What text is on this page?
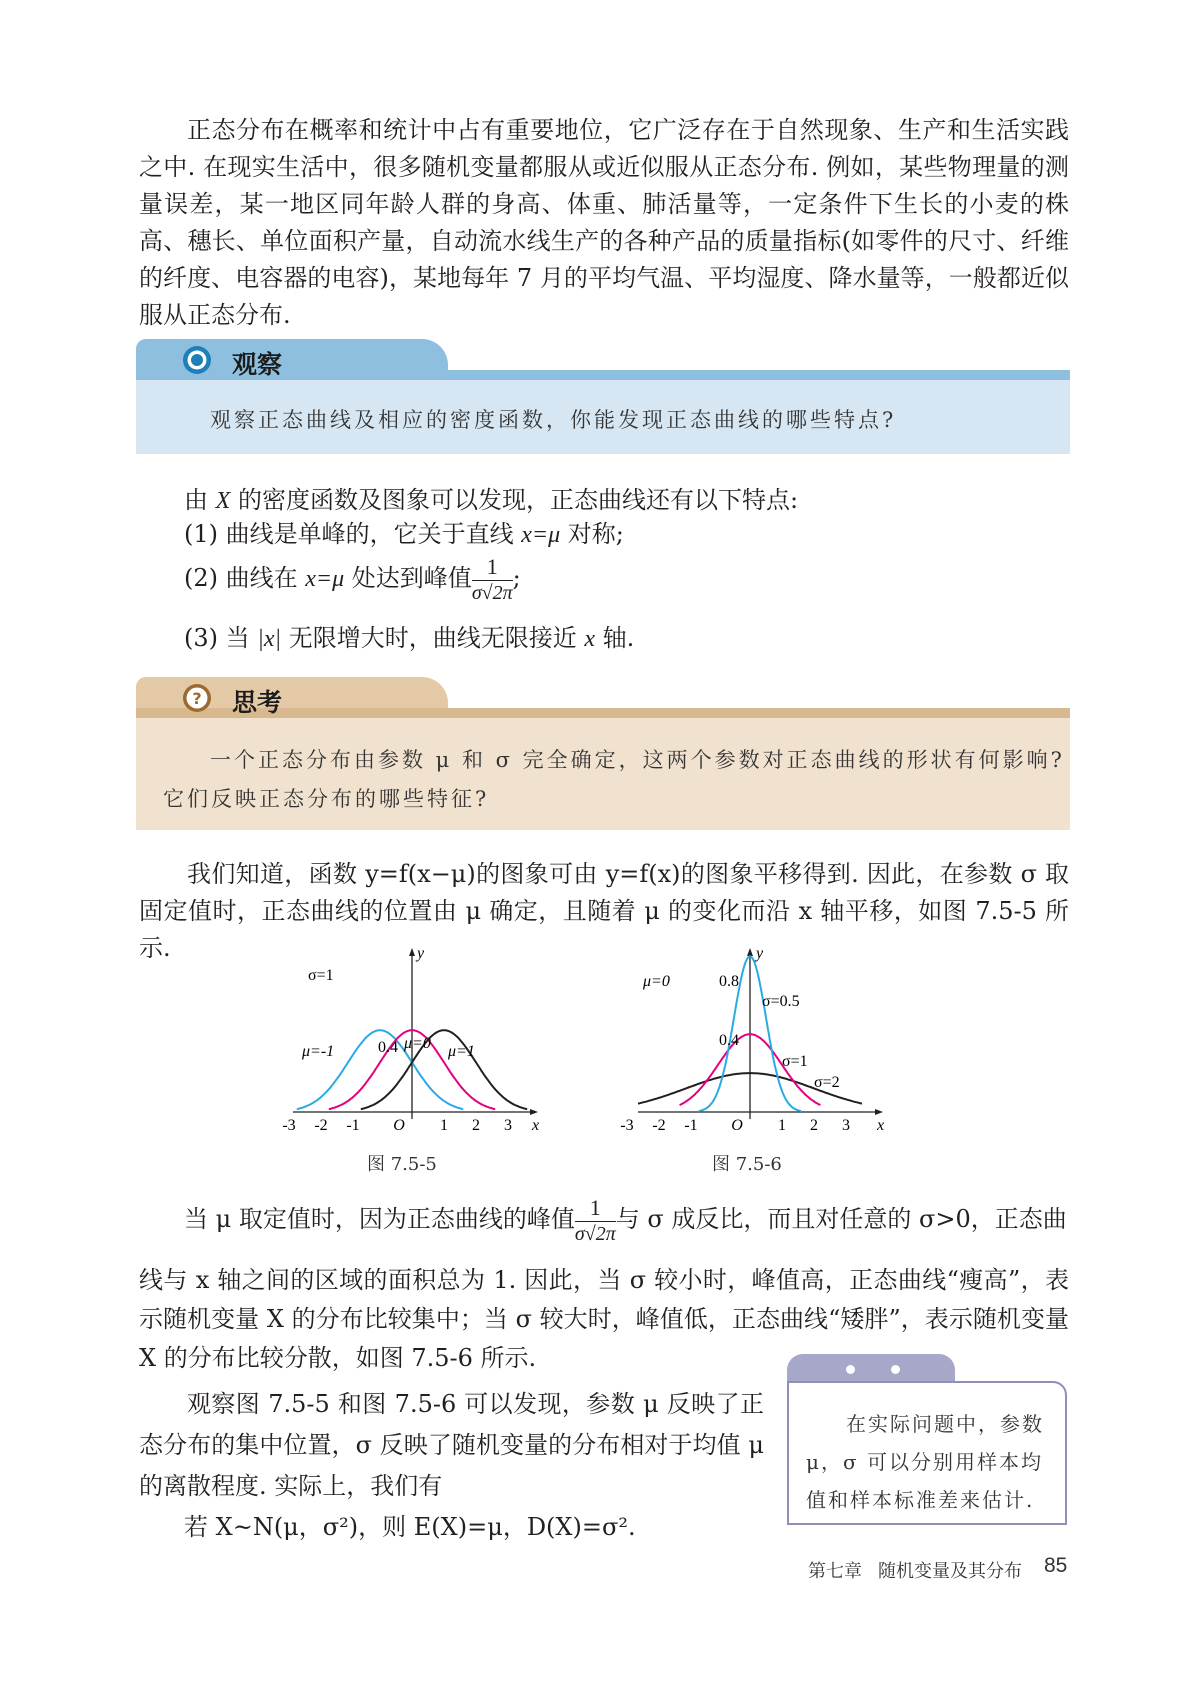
正态分布在概率和统计中占有重要地位，它广泛存在于自然现象、生产和生活实践之中. 在现实生活中，很多随机变量都服从或近似服从正态分布. 例如，某些物理量的测量误差，某一地区同年龄人群的身高、体重、肺活量等，一定条件下生长的小麦的株高、穗长、单位面积产量，自动流水线生产的各种产品的质量指标(如零件的尺寸、纤维的纤度、电容器的电容)，某地每年 7 月的平均气温、平均湿度、降水量等，一般都近似服从正态分布.
观察
观察正态曲线及相应的密度函数，你能发现正态曲线的哪些特点?
由 X 的密度函数及图象可以发现，正态曲线还有以下特点:
(1) 曲线是单峰的，它关于直线 x=μ 对称;
(2) 曲线在 x=μ 处达到峰值 $\frac{1}{\sigma√2\pi}$ ;
(3) 当 |x| 无限增大时，曲线无限接近 x 轴.
? 思考
一个正态分布由参数 μ 和 σ 完全确定，这两个参数对正态曲线的形状有何影响?
它们反映正态分布的哪些特征?
我们知道，函数 y=f(x−μ)的图象可由 y=f(x)的图象平移得到. 因此，在参数 σ 取固定值时，正态曲线的位置由 μ 确定，且随着 μ 的变化而沿 x 轴平移，如图 7.5-5 所示.	y
x
σ=1
μ=-1	μ=0 μ=1
0.4
-3 -2 -1 O 1 2 3
图 7.5-5
y
x
μ=0	0.8
0.4
σ=0.5
σ=1
σ=2
-3 -2 -1 O 1 2 3
图 7.5-6
当 μ 取定值时，因为正态曲线的峰值 $\frac{1}{\sigma√2\pi}$ 与 σ 成反比，而且对任意的 σ>0，正态曲
线与 x 轴之间的区域的面积总为 1. 因此，当 σ 较小时，峰值高，正态曲线“瘦高”，表示随机变量 X 的分布比较集中；当 σ 较大时，峰值低，正态曲线“矮胖”，表示随机变量 X 的分布比较分散，如图 7.5-6 所示.
观察图 7.5-5 和图 7.5-6 可以发现，参数 μ 反映了正态分布的集中位置，σ 反映了随机变量的分布相对于均值 μ 的离散程度. 实际上，我们有
若 X~N(μ，σ²)，则 E(X)=μ，D(X)=σ².
在实际问题中，参数 μ，σ 可以分别用样本均值和样本标准差来估计.
第七章 随机变量及其分布 85
